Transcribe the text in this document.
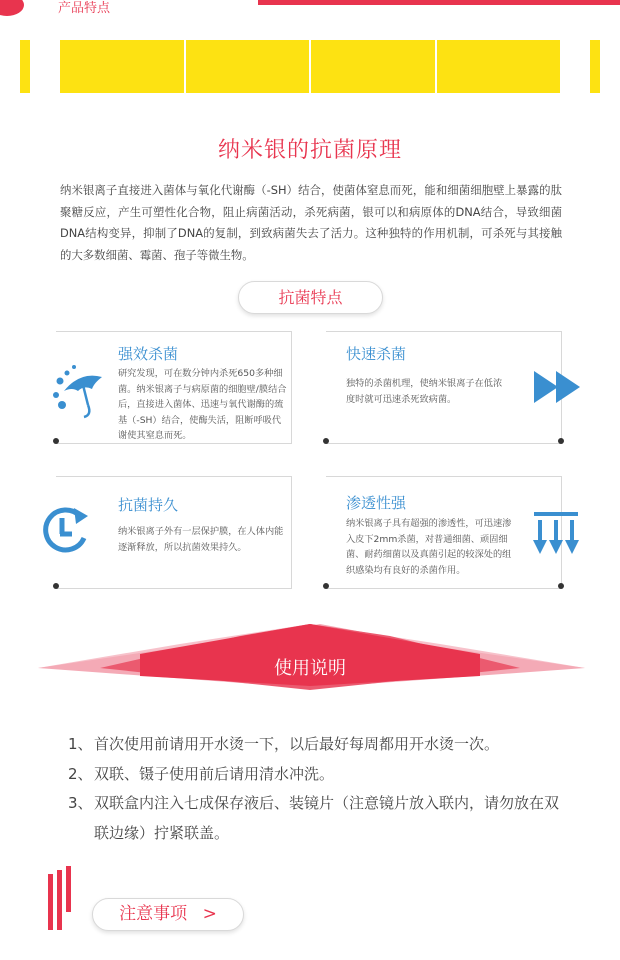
产品特点
纳米银的抗菌原理
纳米银离子直接进入菌体与氧化代谢酶（-SH）结合，使菌体窒息而死，能和细菌细胞壁上暴露的肽聚糖反应，产生可塑性化合物，阻止病菌活动，杀死病菌，银可以和病原体的DNA结合，导致细菌DNA结构变异，抑制了DNA的复制，到致病菌失去了活力。这种独特的作用机制，可杀死与其接触的大多数细菌、霉菌、孢子等微生物。
抗菌特点
强效杀菌
研究发现，可在数分钟内杀死650多种细菌。纳米银离子与病原菌的细胞壁/膜结合后，直接进入菌体、迅速与氧代谢酶的巯基（-SH）结合，使酶失活，阻断呼吸代谢使其窒息而死。
快速杀菌
独特的杀菌机理，使纳米银离子在低浓度时就可迅速杀死致病菌。
抗菌持久
纳米银离子外有一层保护膜，在人体内能逐渐释放，所以抗菌效果持久。
渗透性强
纳米银离子具有超强的渗透性，可迅速渗入皮下2mm杀菌，对普通细菌、顽固细菌、耐药细菌以及真菌引起的较深处的组织感染均有良好的杀菌作用。
使用说明
1、 首次使用前请用开水烫一下，以后最好每周都用开水烫一次。
2、 双联、镊子使用前后请用清水冲洗。
3、 双联盒内注入七成保存液后、装镜片（注意镜片放入联内，请勿放在双联边缘）拧紧联盖。
注意事项 >
